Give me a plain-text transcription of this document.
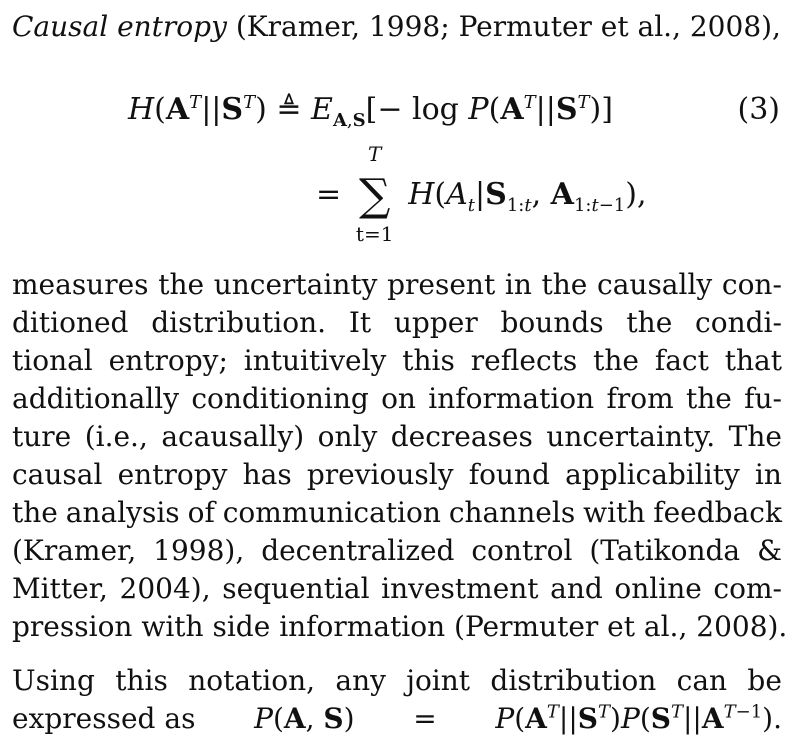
Causal entropy (Kramer, 1998; Permuter et al., 2008),
$H(A^T||S^T)$ ≜ $E_{A,S}[- \log P(A^T||S^T)]$	(3)
=
T
∑
t=1
$H(A_t|S_{1:t}$, $A_{1:t-1}$),
measures the uncertainty present in the causally con-
ditioned distribution. It upper bounds the condi-
tional entropy; intuitively this reflects the fact that
additionally conditioning on information from the fu-
ture (i.e., acausally) only decreases uncertainty. The
causal entropy has previously found applicability in
the analysis of communication channels with feedback
(Kramer, 1998), decentralized control (Tatikonda &
Mitter, 2004), sequential investment and online com-
pression with side information (Permuter et al., 2008).
Using this notation, any joint distribution can be
expressed as P(A, $S) = P(A^T||S^T)P(S^T||A^{T-1})$.
